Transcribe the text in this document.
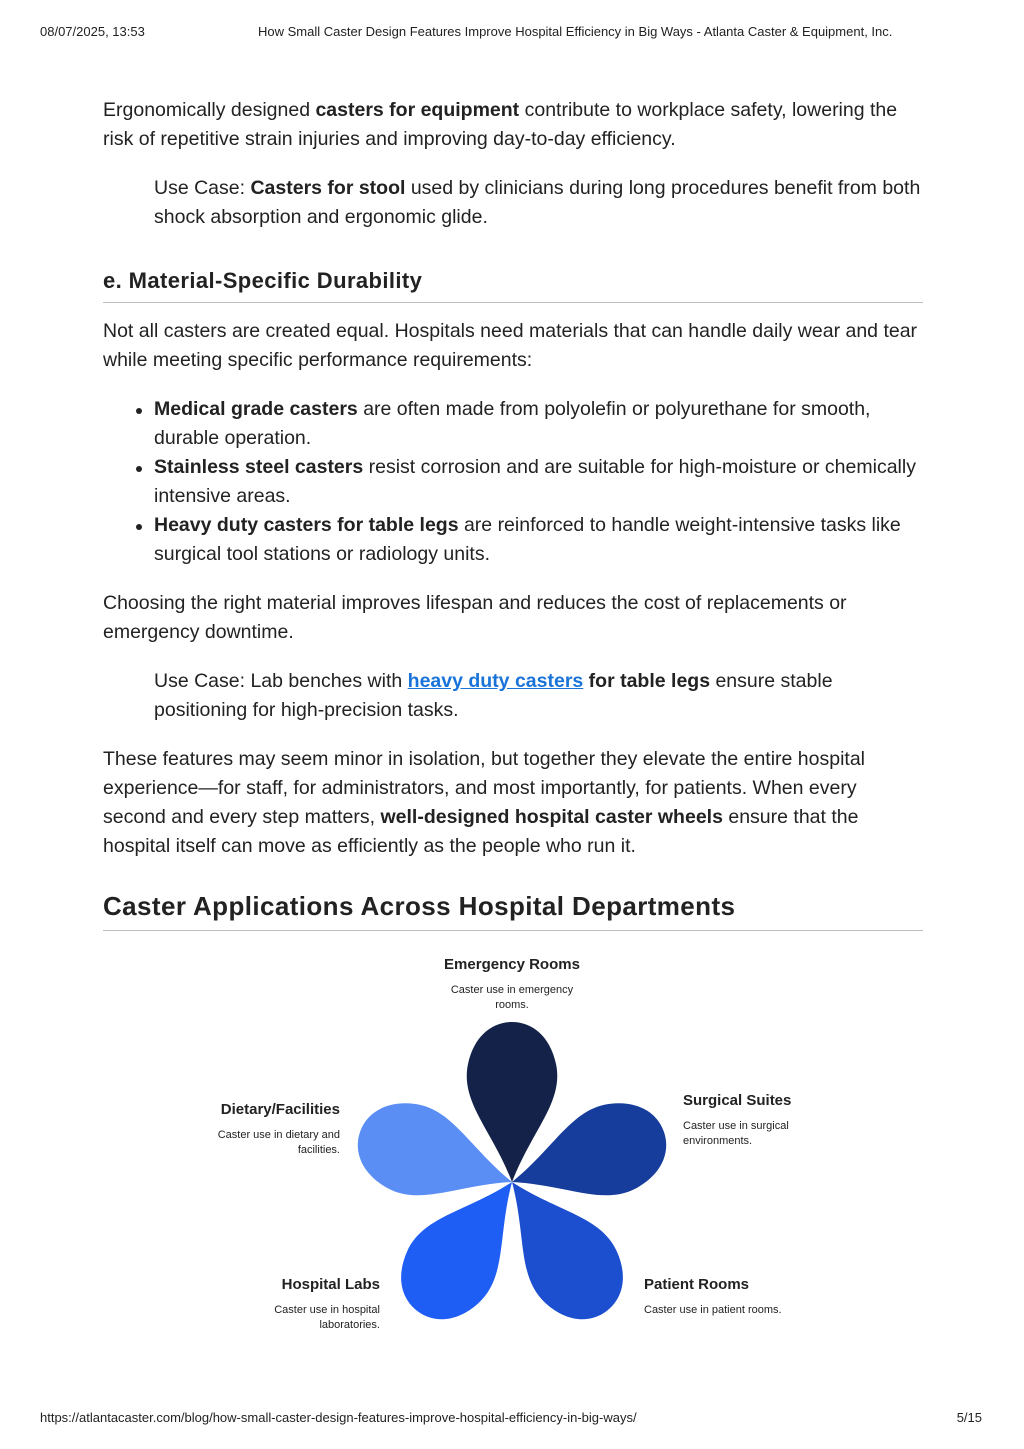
08/07/2025, 13:53	How Small Caster Design Features Improve Hospital Efficiency in Big Ways - Atlanta Caster & Equipment, Inc.

Ergonomically designed casters for equipment contribute to workplace safety, lowering the risk of repetitive strain injuries and improving day-to-day efficiency.

Use Case: Casters for stool used by clinicians during long procedures benefit from both shock absorption and ergonomic glide.
e. Material-Specific Durability

Not all casters are created equal. Hospitals need materials that can handle daily wear and tear while meeting specific performance requirements:

Medical grade casters are often made from polyolefin or polyurethane for smooth, durable operation.
Stainless steel casters resist corrosion and are suitable for high-moisture or chemically intensive areas.
Heavy duty casters for table legs are reinforced to handle weight-intensive tasks like surgical tool stations or radiology units.

Choosing the right material improves lifespan and reduces the cost of replacements or emergency downtime.

Use Case: Lab benches with heavy duty casters for table legs ensure stable positioning for high-precision tasks.

These features may seem minor in isolation, but together they elevate the entire hospital experience—for staff, for administrators, and most importantly, for patients. When every second and every step matters, well-designed hospital caster wheels ensure that the hospital itself can move as efficiently as the people who run it.

Caster Applications Across Hospital Departments
Emergency Rooms
Caster use in emergency rooms.
Surgical Suites
Caster use in surgical environments.
Patient Rooms
Caster use in patient rooms.
Hospital Labs
Caster use in hospital laboratories.
Dietary/Facilities
Caster use in dietary and facilities.
https://atlantacaster.com/blog/how-small-caster-design-features-improve-hospital-efficiency-in-big-ways/	5/15
